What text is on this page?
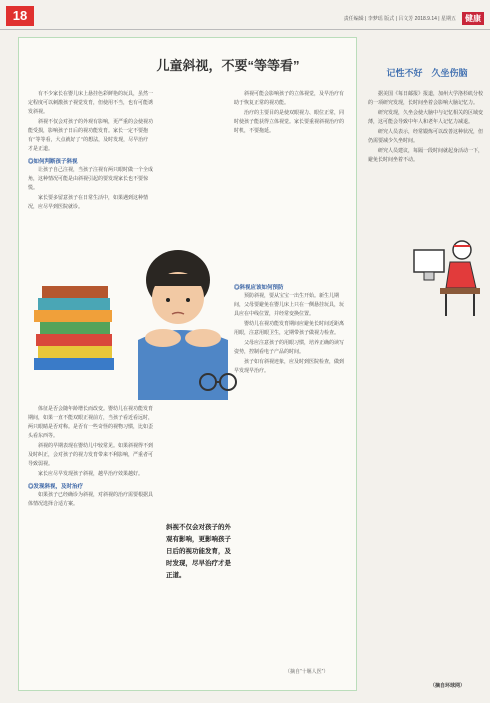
18	责任编辑 | 李梦瑶 版式 | 吕文芳 2018.9.14 | 星期五	健康
儿童斜视，不要“等等看”

有不少家长在婴儿床上悬挂色彩鲜艳的玩具，虽然一定程度可以刺激孩子视觉发育，但使用不当，也有可能诱发斜视。

斜视不仅会对孩子的外观有影响，更严重的会使视功能受损，影响孩子日后的视功能发育。家长一定不要抱有“等等看，大点就好了”的想法，及时发现，尽早治疗才是正道。

◎如何判断孩子斜视

让孩子自己注视，当孩子注视有两只眼时做一个全成角，这种情况可能是由斜视引起的要发现家长也不要惊慌。

家长要多留意孩子在日常生活中，如果遇到这种情况，应尽早到医院就诊。

体征是否会随年龄增长而改变。婴幼儿在视功能发育期间，如果一直不能双眼正视前方，当孩子看近看远时，两只眼睛是否对称。是否有一些奇怪的视物习惯，比如歪头看东西等。

斜视的早期表现在婴幼儿中较常见。如果斜视得不到及时纠正，会对孩子的视力发育带来不利影响，严重者可导致弱视。

家长应尽早发现孩子斜视，越早治疗效果越好。

◎发现斜视，及时治疗

如果孩子已经确诊为斜视，对斜视的治疗需要根据具体情况选择合适方案。

斜视可能会影响孩子的立体视觉，及早治疗有助于恢复正常的视功能。

治疗的主要目的是使双眼视力、眼位正常，同时使孩子能获得立体视觉。家长要重视斜视治疗的时机，不要拖延。

◎斜视应该如何预防

预防斜视，要从宝宝一出生开始。新生儿期间，父母要避免在婴儿床上只在一侧悬挂玩具，玩具应在中线位置，并经常变换位置。

婴幼儿在视功能发育期间应避免长时间近距离用眼，注意用眼卫生，定期带孩子做视力检查。

父母应注意孩子的用眼习惯，培养正确的读写姿势，控制看电子产品的时间。

孩子如有斜视迹象，应及时到医院检查，做到早发现早治疗。

斜视不仅会对孩子的外观有影响，更影响孩子日后的视功能发育，及时发现，尽早治疗才是正道。
（摘自“十堰人医”）
记性不好　久坐伤脑

据美国《每日邮报》报道，加州大学洛杉矶分校的一项研究发现，长时间坐着会影响大脑记忆力。

研究发现，久坐会使大脑中与记忆相关的区域变薄，这可能会导致中年人和老年人记忆力减退。

研究人员表示，经常锻炼可以改善这种状况，但仍需要减少久坐时间。

研究人员建议，每隔一段时间就起身活动一下，避免长时间坐着不动。

（摘自环球网）
